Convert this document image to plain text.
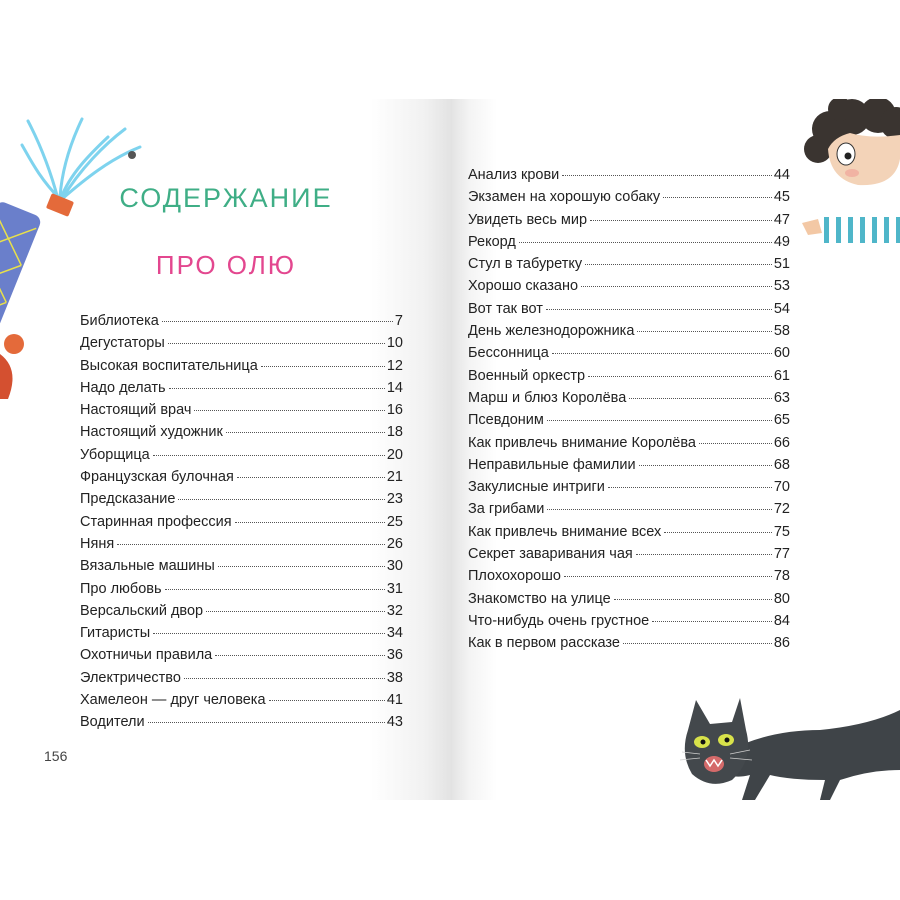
СОДЕРЖАНИЕ
ПРО ОЛЮ
Библиотека	7
Дегустаторы	10
Высокая воспитательница	12
Надо делать	14
Настоящий врач	16
Настоящий художник	18
Уборщица	20
Французская булочная	21
Предсказание	23
Старинная профессия	25
Няня	26
Вязальные машины	30
Про любовь	31
Версальский двор	32
Гитаристы	34
Охотничьи правила	36
Электричество	38
Хамелеон — друг человека	41
Водители	43
156
Анализ крови	44
Экзамен на хорошую собаку	45
Увидеть весь мир	47
Рекорд	49
Стул в табуретку	51
Хорошо сказано	53
Вот так вот	54
День железнодорожника	58
Бессонница	60
Военный оркестр	61
Марш и блюз Королёва	63
Псевдоним	65
Как привлечь внимание Королёва	66
Неправильные фамилии	68
Закулисные интриги	70
За грибами	72
Как привлечь внимание всех	75
Секрет заваривания чая	77
Плохохорошо	78
Знакомство на улице	80
Что-нибудь очень грустное	84
Как в первом рассказе	86
